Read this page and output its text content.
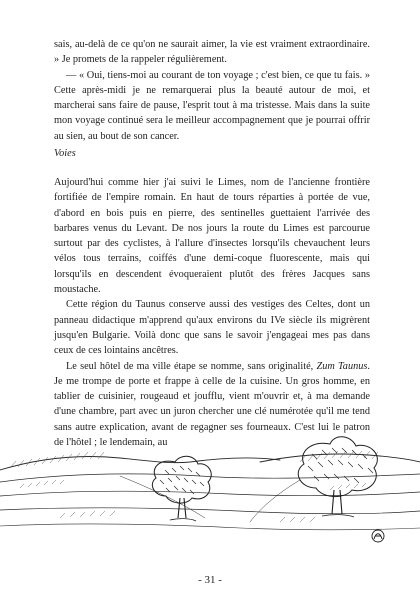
sais, au-delà de ce qu'on ne saurait aimer, la vie est vraiment extraordinaire. » Je promets de la rappeler régulièrement.

— « Oui, tiens-moi au courant de ton voyage ; c'est bien, ce que tu fais. » Cette après-midi je ne remarquerai plus la beauté autour de moi, et marcherai sans faire de pause, l'esprit tout à ma tristesse. Mais dans la suite mon voyage continué sera le meilleur accompagnement que je pourrai offrir au sien, au bout de son cancer.

Voies

Aujourd'hui comme hier j'ai suivi le Limes, nom de l'ancienne frontière fortifiée de l'empire romain. En haut de tours réparties à portée de vue, d'abord en bois puis en pierre, des sentinelles guettaient l'arrivée des barbares venus du Levant. De nos jours la route du Limes est parcourue surtout par des cyclistes, à l'allure d'insectes lorsqu'ils chevauchent leurs vélos tous terrains, coiffés d'une demi-coque fluorescente, mais qui lorsqu'ils en descendent évoqueraient plutôt des frères Jacques sans moustache.

Cette région du Taunus conserve aussi des vestiges des Celtes, dont un panneau didactique m'apprend qu'aux environs du IVe siècle ils migrèrent jusqu'en Bulgarie. Voilà donc que sans le savoir j'engageai mes pas dans ceux de ces lointains ancêtres.

Le seul hôtel de ma ville étape se nomme, sans originalité, Zum Taunus. Je me trompe de porte et frappe à celle de la cuisine. Un gros homme, en tablier de cuisinier, rougeaud et joufflu, vient m'ouvrir et, à ma demande d'une chambre, part avec un juron chercher une clé numérotée qu'il me tend sans autre explication, avant de regagner ses fourneaux. C'est lui le patron de l'hôtel ; le lendemain, au

- 31 -
